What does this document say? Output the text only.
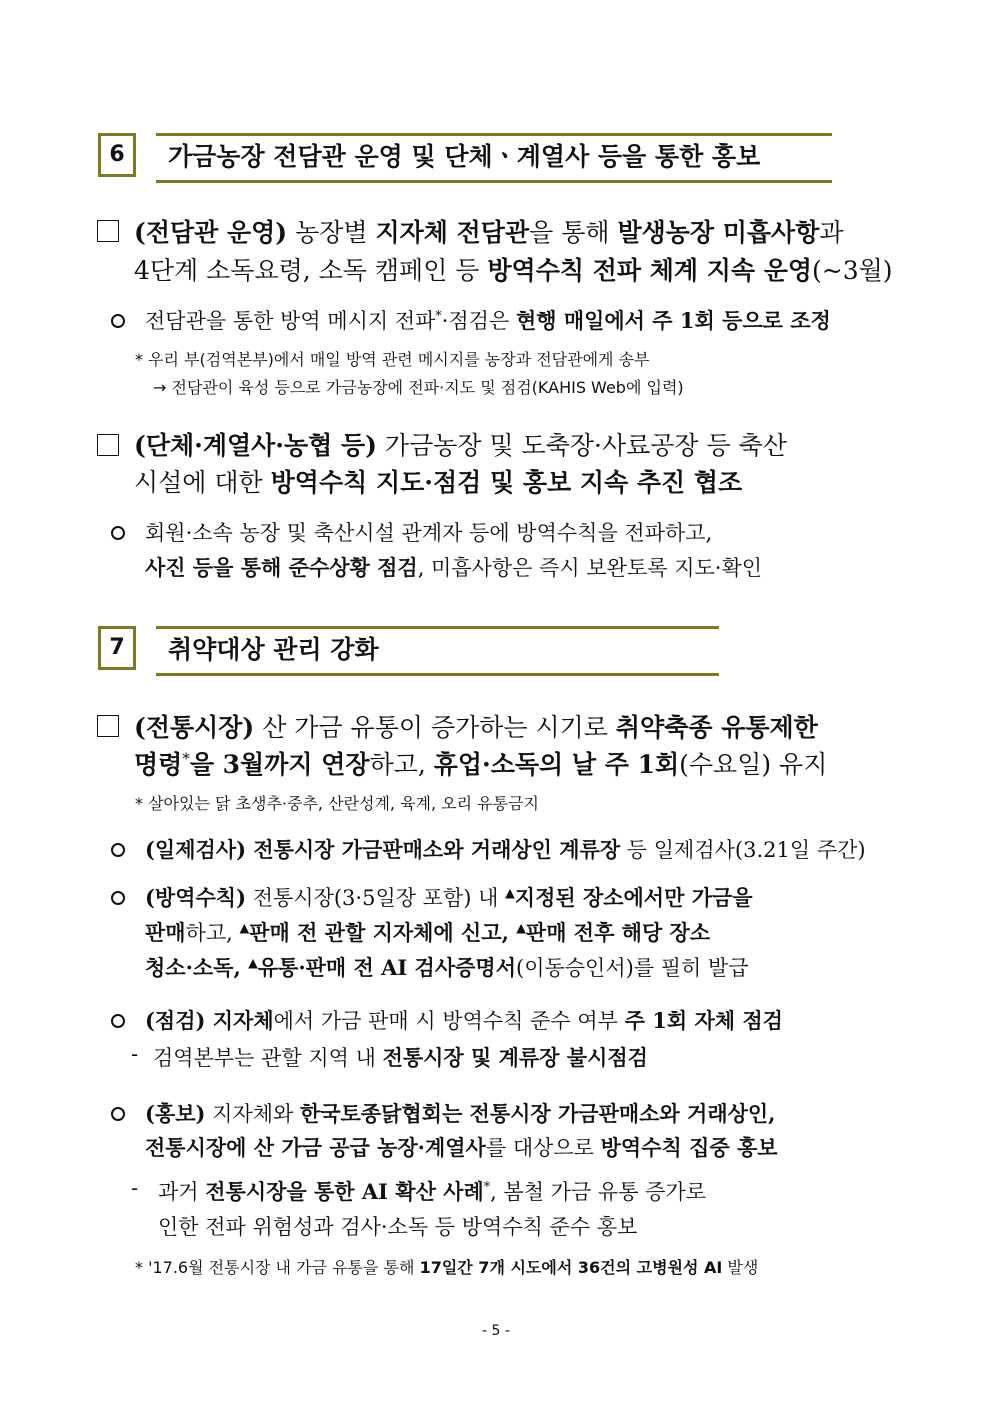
6	가금농장 전담관 운영 및 단체ㆍ계열사 등을 통한 홍보
(전담관 운영) 농장별 지자체 전담관을 통해 발생농장 미흡사항과
4단계 소독요령, 소독 캠페인 등 방역수칙 전파 체계 지속 운영(~3월)
전담관을 통한 방역 메시지 전파*·점검은 현행 매일에서 주 1회 등으로 조정
* 우리 부(검역본부)에서 매일 방역 관련 메시지를 농장과 전담관에게 송부
→ 전담관이 육성 등으로 가금농장에 전파·지도 및 점검(KAHIS Web에 입력)
(단체·계열사·농협 등) 가금농장 및 도축장·사료공장 등 축산
시설에 대한 방역수칙 지도·점검 및 홍보 지속 추진 협조
회원·소속 농장 및 축산시설 관계자 등에 방역수칙을 전파하고,
사진 등을 통해 준수상황 점검, 미흡사항은 즉시 보완토록 지도·확인
7	취약대상 관리 강화
(전통시장) 산 가금 유통이 증가하는 시기로 취약축종 유통제한
명령*을 3월까지 연장하고, 휴업·소독의 날 주 1회(수요일) 유지
* 살아있는 닭 초생추·중추, 산란성계, 육계, 오리 유통금지
(일제검사) 전통시장 가금판매소와 거래상인 계류장 등 일제검사(3.21일 주간)
(방역수칙) 전통시장(3·5일장 포함) 내 ▲지정된 장소에서만 가금을
판매하고, ▲판매 전 관할 지자체에 신고, ▲판매 전후 해당 장소
청소·소독, ▲유통·판매 전 AI 검사증명서(이동승인서)를 필히 발급
(점검) 지자체에서 가금 판매 시 방역수칙 준수 여부 주 1회 자체 점검
- 검역본부는 관할 지역 내 전통시장 및 계류장 불시점검
(홍보) 지자체와 한국토종닭협회는 전통시장 가금판매소와 거래상인,
전통시장에 산 가금 공급 농장·계열사를 대상으로 방역수칙 집중 홍보
- 과거 전통시장을 통한 AI 확산 사례*, 봄철 가금 유통 증가로
인한 전파 위험성과 검사·소독 등 방역수칙 준수 홍보
* '17.6월 전통시장 내 가금 유통을 통해 17일간 7개 시도에서 36건의 고병원성 AI 발생
- 5 -
